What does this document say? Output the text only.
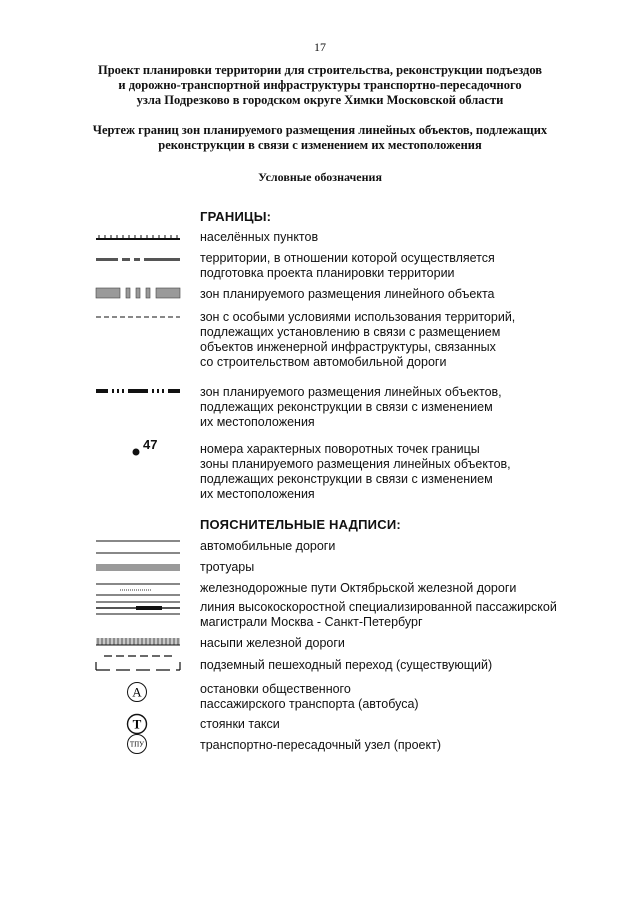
17
Проект планировки территории для строительства, реконструкции подъездов
и дорожно-транспортной инфраструктуры транспортно-пересадочного
узла Подрезково в городском округе Химки Московской области
Чертеж границ зон планируемого размещения линейных объектов, подлежащих
реконструкции в связи с изменением их местоположения
Условные обозначения
ГРАНИЦЫ:
населённых пунктов
территории, в отношении которой осуществляется
подготовка проекта планировки территории
зон планируемого размещения линейного объекта
зон с особыми условиями использования территорий,
подлежащих установлению в связи с размещением
объектов инженерной инфраструктуры, связанных
со строительством автомобильной дороги
зон планируемого размещения линейных объектов,
подлежащих реконструкции в связи с изменением
их местоположения
47	номера характерных поворотных точек границы
зоны планируемого размещения линейных объектов,
подлежащих реконструкции в связи с изменением
их местоположения
ПОЯСНИТЕЛЬНЫЕ НАДПИСИ:
автомобильные дороги
тротуары
железнодорожные пути Октябрьской железной дороги
линия высокоскоростной специализированной пассажирской
магистрали Москва - Санкт-Петербург
насыпи железной дороги
подземный пешеходный переход (существующий)
А	остановки общественного
пассажирского транспорта (автобуса)
Т	стоянки такси
ТПУ	транспортно-пересадочный узел (проект)
